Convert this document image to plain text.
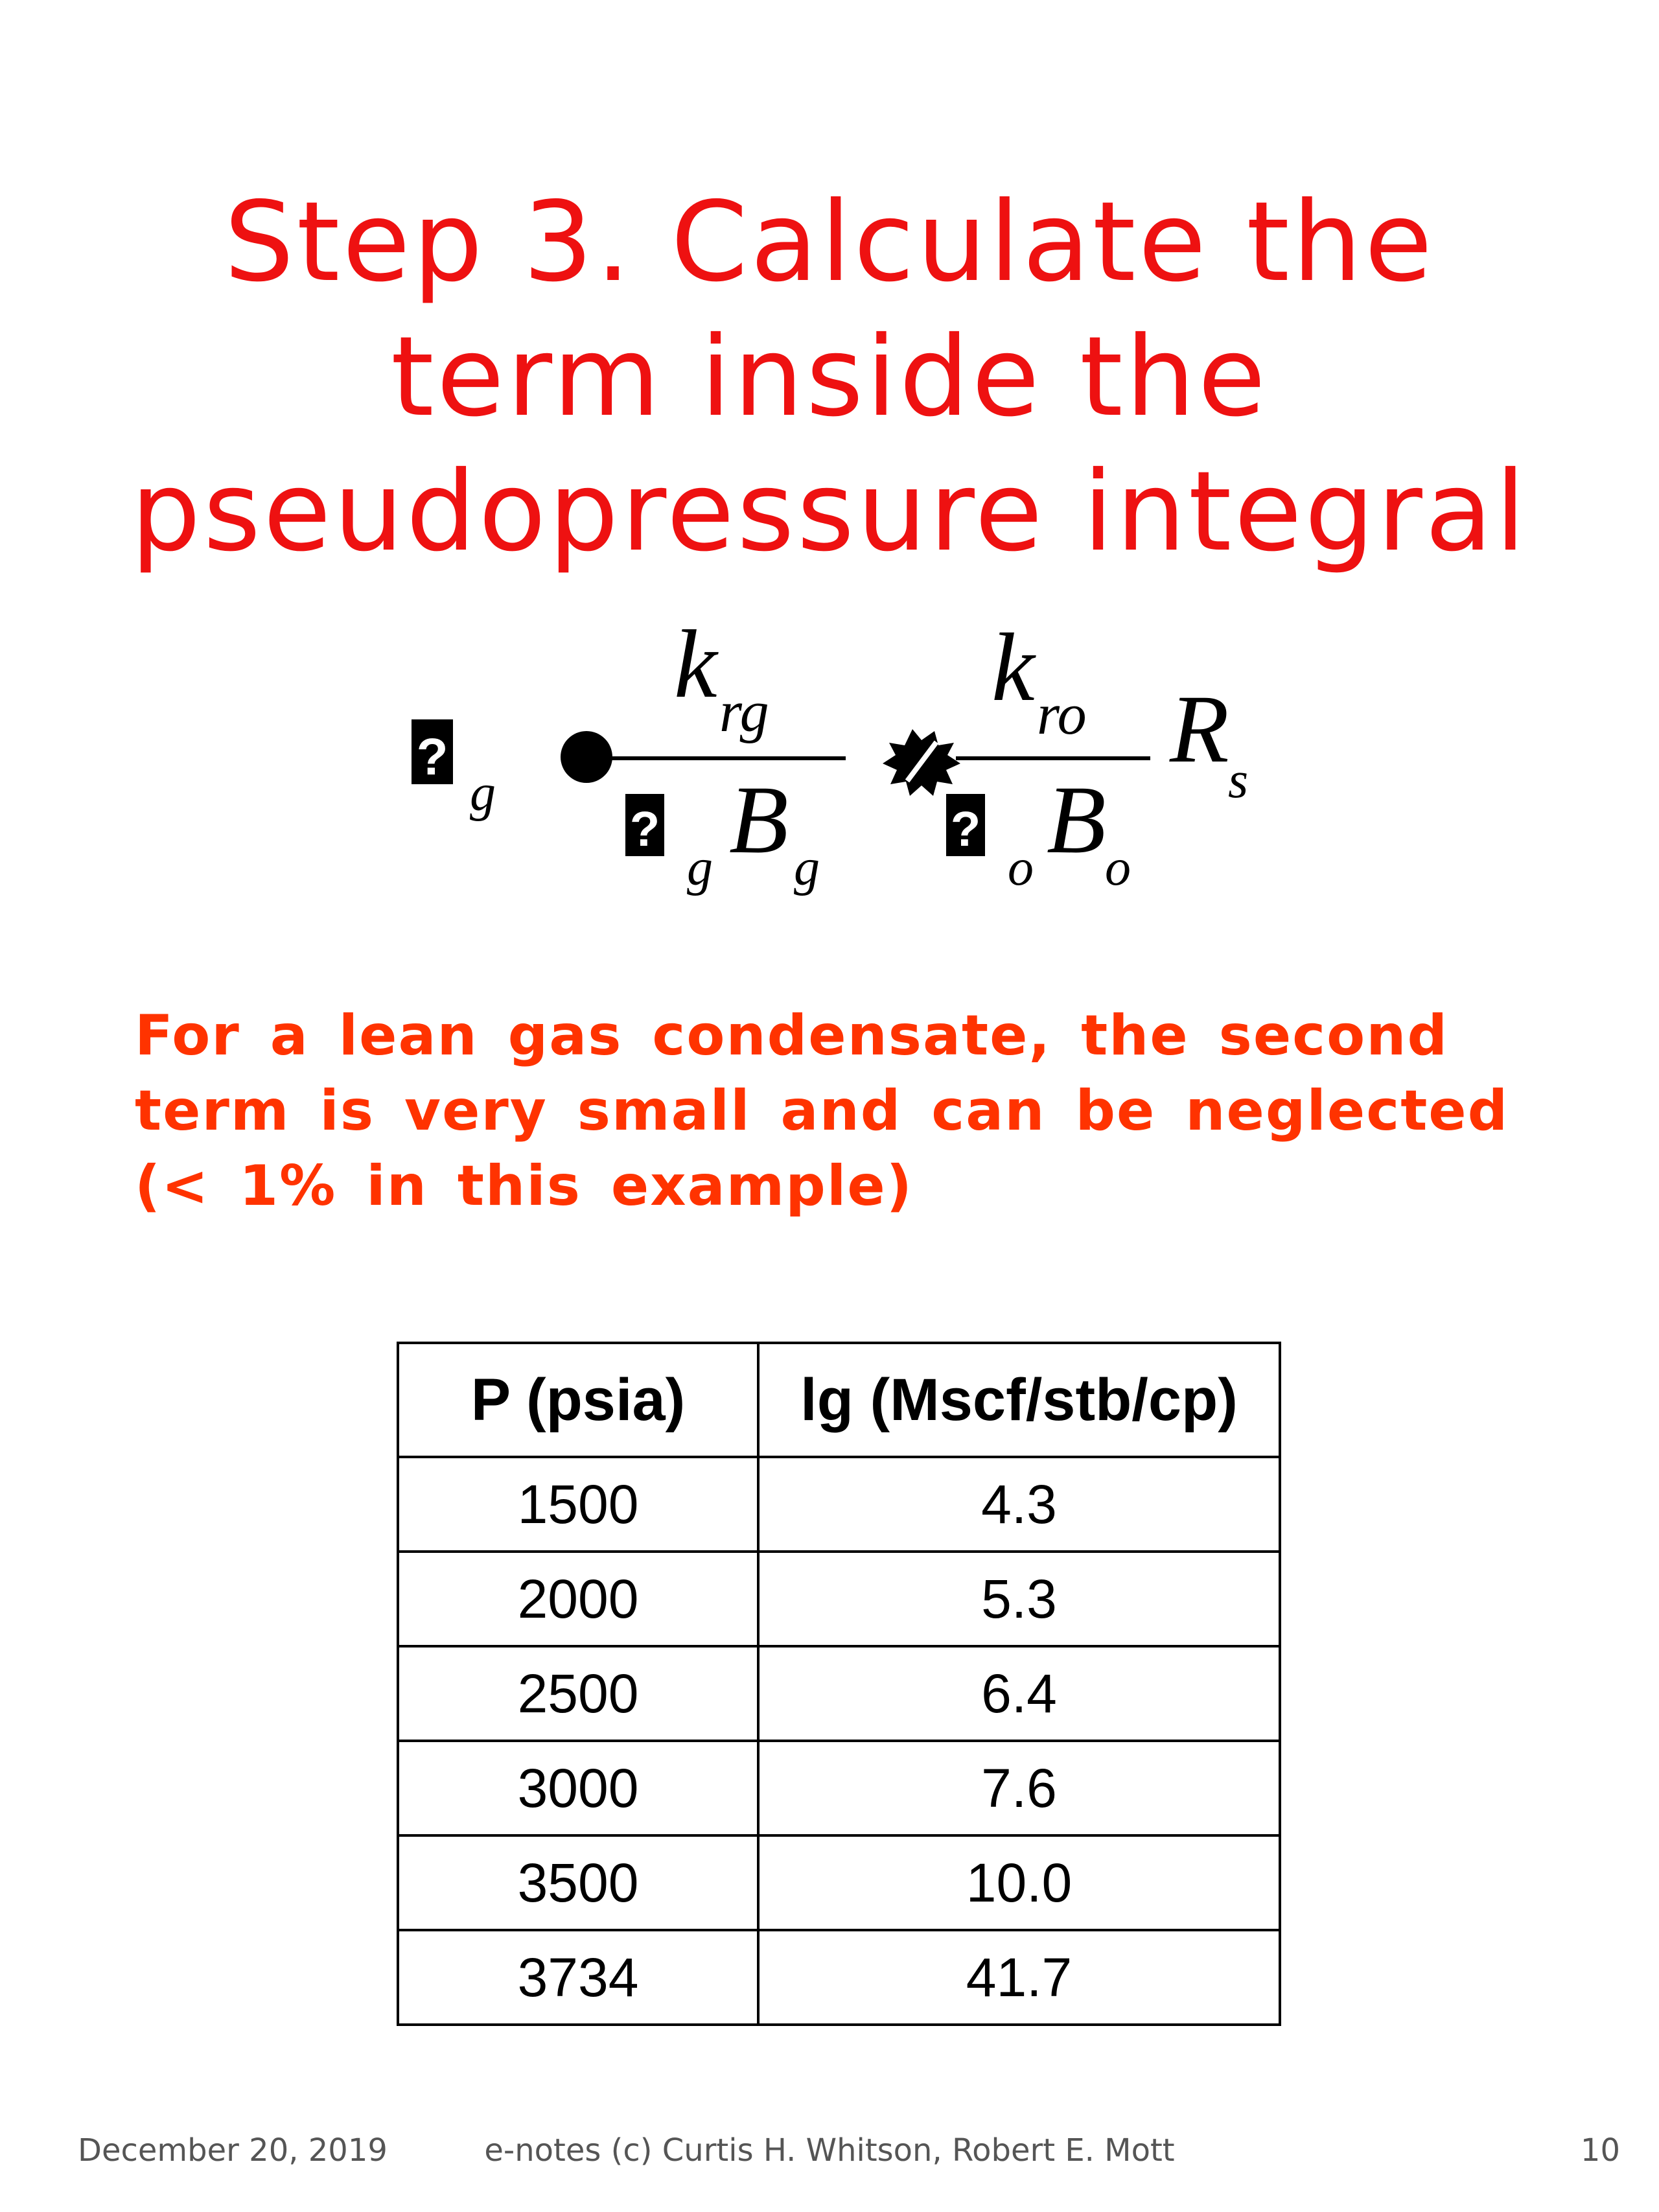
Step 3. Calculate the
term inside the
pseudopressure integral
?
g
k rg
?
g B g
k ro
?
o B
o
R
s
For a lean gas condensate, the second term is very small and can be neglected (< 1% in this example)
P (psia)	lg (Mscf/stb/cp)
1500	4.3
2000	5.3
2500	6.4
3000	7.6
3500	10.0
3734	41.7
December 20, 2019	e-notes (c) Curtis H. Whitson, Robert E. Mott	10
